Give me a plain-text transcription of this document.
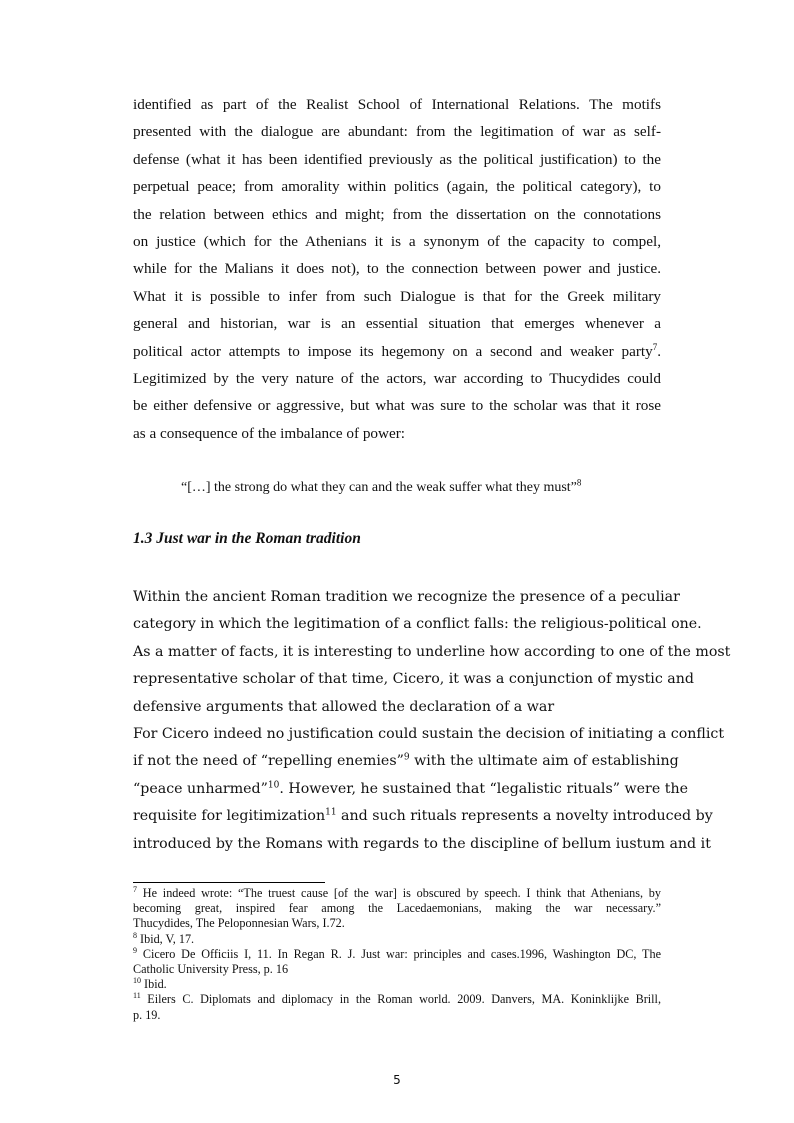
identified as part of the Realist School of International Relations. The motifs
presented with the dialogue are abundant: from the legitimation of war as self-
defense (what it has been identified previously as the political justification) to the
perpetual peace; from amorality within politics (again, the political category), to
the relation between ethics and might; from the dissertation on the connotations
on justice (which for the Athenians it is a synonym of the capacity to compel,
while for the Malians it does not), to the connection between power and justice.
What it is possible to infer from such Dialogue is that for the Greek military
general and historian, war is an essential situation that emerges whenever a
political actor attempts to impose its hegemony on a second and weaker party$^7$.
Legitimized by the very nature of the actors, war according to Thucydides could
be either defensive or aggressive, but what was sure to the scholar was that it rose
as a consequence of the imbalance of power:
“[…] the strong do what they can and the weak suffer what they must”$^8$
1.3 Just war in the Roman tradition
Within the ancient Roman tradition we recognize the presence of a peculiar
category in which the legitimation of a conflict falls: the religious-political one.
As a matter of facts, it is interesting to underline how according to one of the most
representative scholar of that time, Cicero, it was a conjunction of mystic and
defensive arguments that allowed the declaration of a war
For Cicero indeed no justification could sustain the decision of initiating a conflict
if not the need of “repelling enemies”$^9$ with the ultimate aim of establishing
“peace unharmed”$^{10}$. However, he sustained that “legalistic rituals” were the
requisite for legitimization$^{11}$ and such rituals represents a novelty introduced by
introduced by the Romans with regards to the discipline of bellum iustum and it
$^7$ He indeed wrote: “The truest cause [of the war] is obscured by speech. I think that Athenians, by
becoming great, inspired fear among the Lacedaemonians, making the war necessary.”
Thucydides, The Peloponnesian Wars, I.72.
$^8$ Ibid, V, 17.
$^9$ Cicero De Officiis I, 11. In Regan R. J. Just war: principles and cases.1996, Washington DC, The
Catholic University Press, p. 16
$^{10}$ Ibid.
$^{11}$ Eilers C. Diplomats and diplomacy in the Roman world. 2009. Danvers, MA. Koninklijke Brill,
p. 19.
5
